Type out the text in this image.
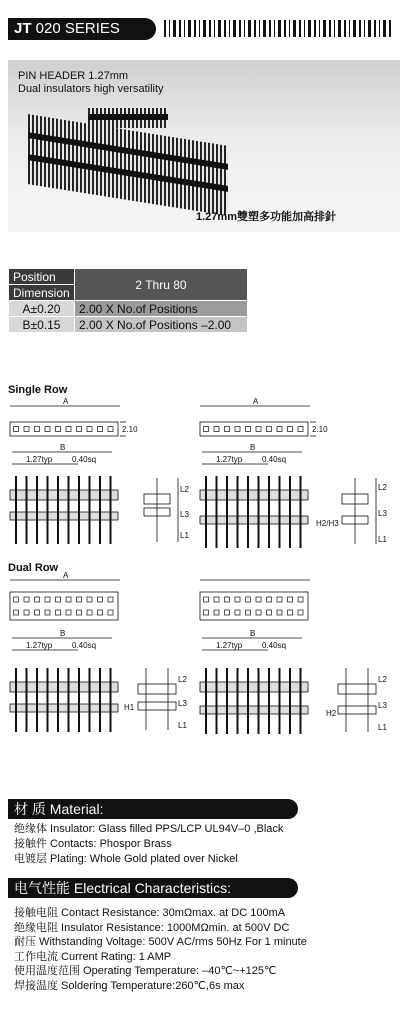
JT 020 SERIES
PIN HEADER 1.27mm
Dual insulators high versatility
1.27mm雙塑多功能加高排針
Position	2 Thru 80
Dimension	
A±0.20	2.00 X No.of Positions
B±0.15	2.00 X No.of Positions –2.00
Single Row
Dual Row
A	A
2.10	2.10
B	B
1.27typ 0.40sq	1.27typ 0.40sq
L2
L3
L1
L2
L3
L1
H2/H3
A
B	B
1.27typ 0.40sq	1.27typ 0.40sq
L2
L3
L1
H1
L2
L3
L1
H2
材 质 Material:
绝缘体 Insulator: Glass filled PPS/LCP UL94V–0 ,Black
接触件 Contacts: Phospor Brass
电镀层 Plating: Whole Gold plated over Nickel
电气性能 Electrical Characteristics:
接触电阻 Contact Resistance: 30mΩmax. at DC 100mA
绝缘电阻 Insulator Resistance: 1000MΩmin. at 500V DC
耐压 Withstanding Voltage: 500V AC/rms 50Hz For 1 minute
工作电流 Current Rating: 1 AMP
使用温度范围 Operating Temperature: –40℃~+125℃
焊接温度 Soldering Temperature:260℃,6s max
